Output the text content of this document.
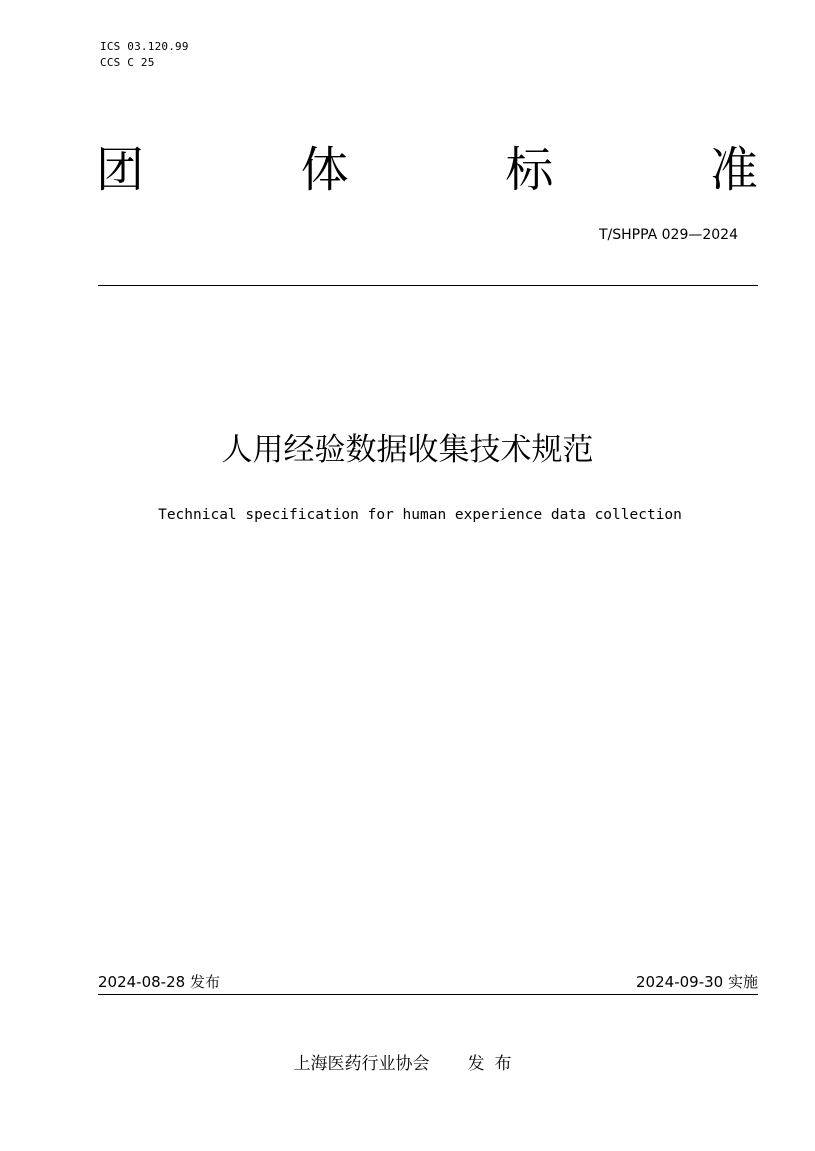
ICS 03.120.99
CCS C 25
团	体	标	准
T/SHPPA 029—2024
人用经验数据收集技术规范
Technical specification for human experience data collection
2024-08-28 发布	2024-09-30 实施
上海医药行业协会 发布
